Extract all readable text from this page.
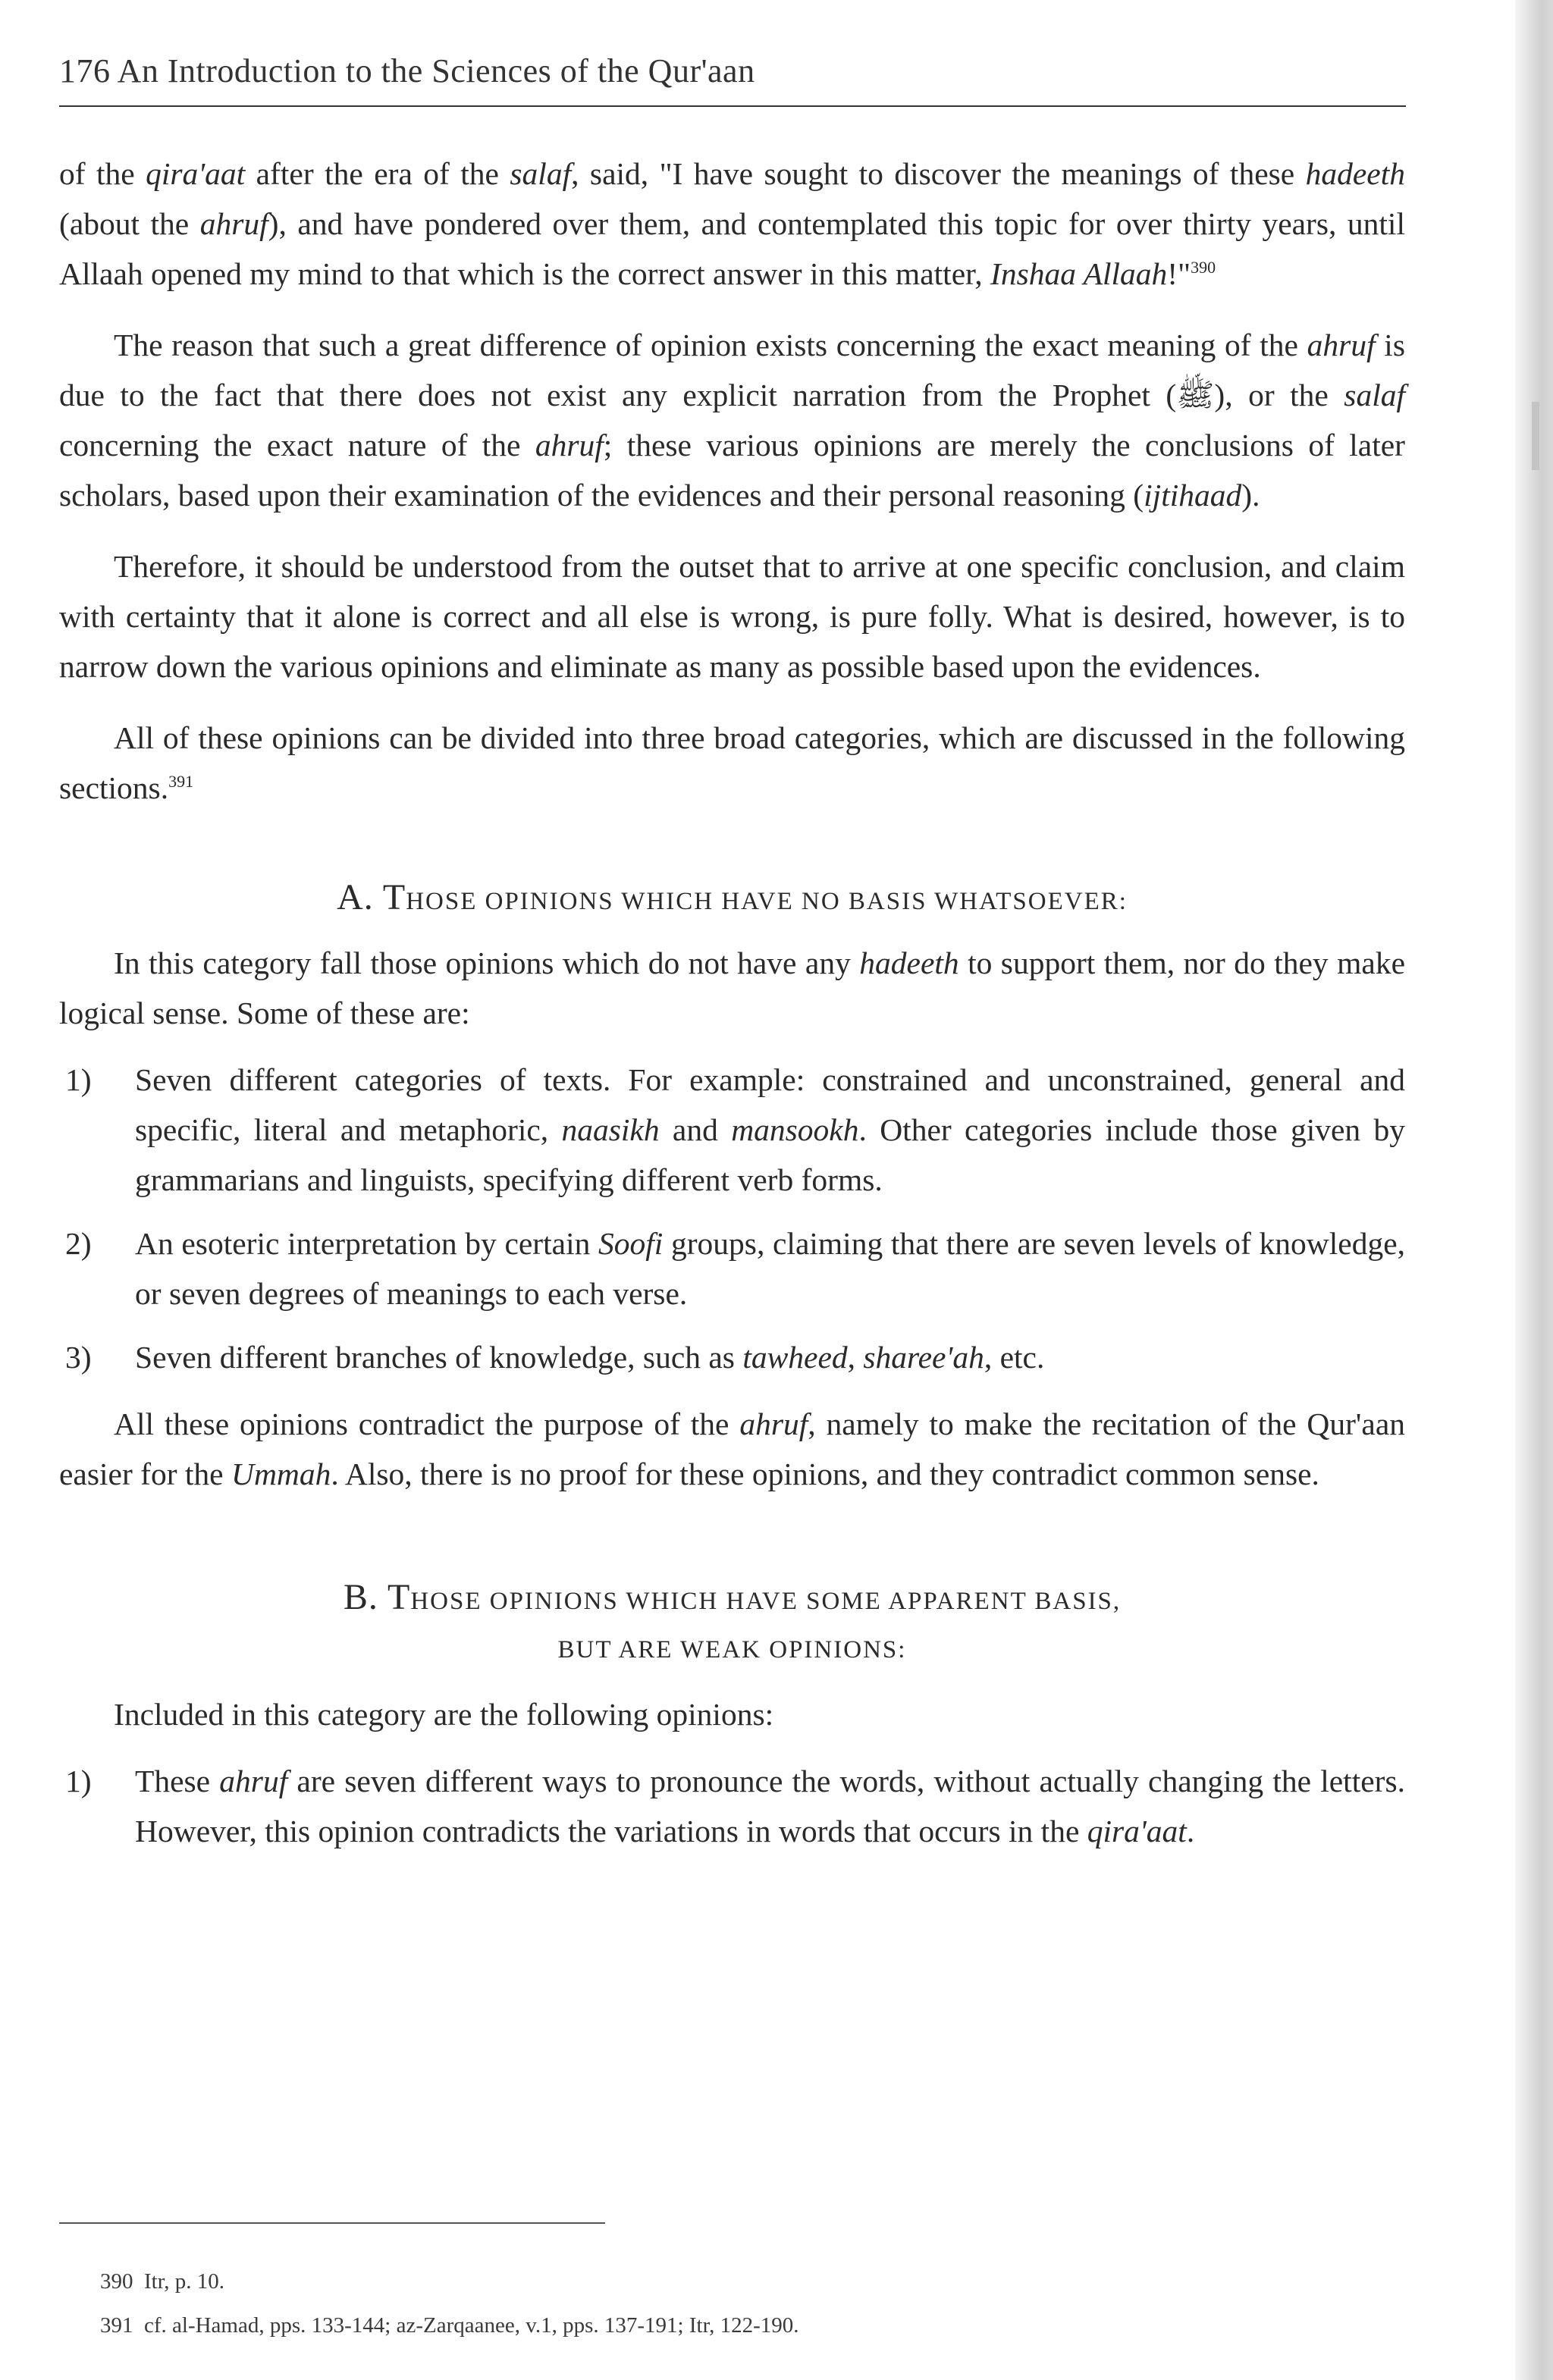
176 An Introduction to the Sciences of the Qur'aan

of the qira'aat after the era of the salaf, said, "I have sought to discover the meanings of these hadeeth (about the ahruf), and have pondered over them, and contemplated this topic for over thirty years, until Allaah opened my mind to that which is the correct answer in this matter, Inshaa Allaah!"$^{390}$

The reason that such a great difference of opinion exists concerning the exact meaning of the ahruf is due to the fact that there does not exist any explicit narration from the Prophet (ﷺ), or the salaf concerning the exact nature of the ahruf; these various opinions are merely the conclusions of later scholars, based upon their examination of the evidences and their personal reasoning (ijtihaad).

Therefore, it should be understood from the outset that to arrive at one specific conclusion, and claim with certainty that it alone is correct and all else is wrong, is pure folly. What is desired, however, is to narrow down the various opinions and eliminate as many as possible based upon the evidences.

All of these opinions can be divided into three broad categories, which are discussed in the following sections.$^{391}$

A. THOSE OPINIONS WHICH HAVE NO BASIS WHATSOEVER:

In this category fall those opinions which do not have any hadeeth to support them, nor do they make logical sense. Some of these are:

1) Seven different categories of texts. For example: constrained and unconstrained, general and specific, literal and metaphoric, naasikh and mansookh. Other categories include those given by grammarians and linguists, specifying different verb forms.
2) An esoteric interpretation by certain Soofi groups, claiming that there are seven levels of knowledge, or seven degrees of meanings to each verse.
3) Seven different branches of knowledge, such as tawheed, sharee'ah, etc.

All these opinions contradict the purpose of the ahruf, namely to make the recitation of the Qur'aan easier for the Ummah. Also, there is no proof for these opinions, and they contradict common sense.

B. THOSE OPINIONS WHICH HAVE SOME APPARENT BASIS,
BUT ARE WEAK OPINIONS:

Included in this category are the following opinions:

1) These ahruf are seven different ways to pronounce the words, without actually changing the letters. However, this opinion contradicts the variations in words that occurs in the qira'aat.
390 Itr, p. 10.
391 cf. al-Hamad, pps. 133-144; az-Zarqaanee, v.1, pps. 137-191; Itr, 122-190.
